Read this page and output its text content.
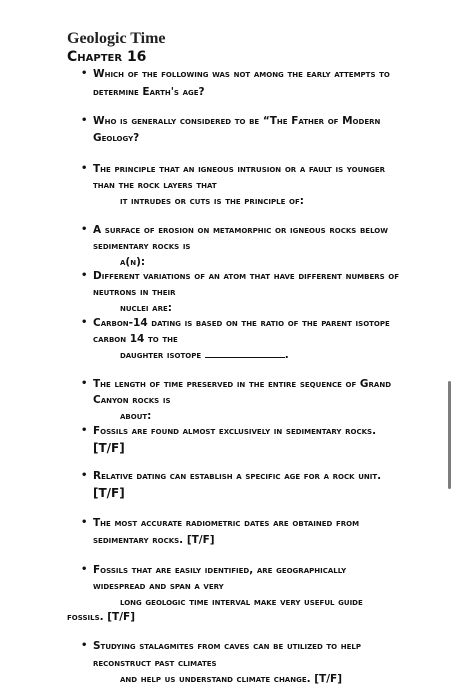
Geologic Time
Chapter 16
• Which of the following was not among the early attempts to
determine Earth's age?
• Who is generally considered to be “The Father of Modern
Geology?
• The principle that an igneous intrusion or a fault is younger
than the rock layers that
it intrudes or cuts is the principle of:
• A surface of erosion on metamorphic or igneous rocks below
sedimentary rocks is
a(n):
• Different variations of an atom that have different numbers of
neutrons in their
nuclei are:
• Carbon-14 dating is based on the ratio of the parent isotope
carbon 14 to the
daughter isotope	.
• The length of time preserved in the entire sequence of Grand
Canyon rocks is
about:
• Fossils are found almost exclusively in sedimentary rocks.
[T/F]
• Relative dating can establish a specific age for a rock unit.
[T/F]
• The most accurate radiometric dates are obtained from
sedimentary rocks. [T/F]
• Fossils that are easily identified, are geographically
widespread and span a very
long geologic time interval make very useful guide
fossils. [T/F]
• Studying stalagmites from caves can be utilized to help
reconstruct past climates
and help us understand climate change. [T/F]
